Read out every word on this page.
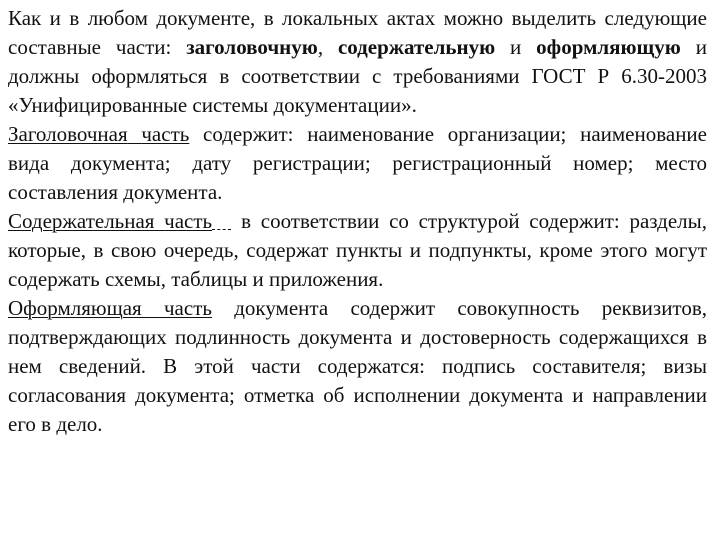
Как и в любом документе, в локальных актах можно выделить следующие составные части: заголовочную, содержательную и оформляющую и должны оформляться в соответствии с требованиями ГОСТ Р 6.30-2003 «Унифицированные системы документации».

Заголовочная часть содержит: наименование организации; наименование вида документа; дату регистрации; регистрационный номер; место составления документа.

Содержательная часть   в соответствии со структурой содержит: разделы, которые, в свою очередь, содержат пункты и подпункты, кроме этого могут содержать схемы, таблицы и приложения.

Оформляющая часть документа содержит совокупность реквизитов, подтверждающих подлинность документа и достоверность содержащихся в нем сведений. В этой части содержатся: подпись составителя; визы согласования документа; отметка об исполнении документа и направлении его в дело.
